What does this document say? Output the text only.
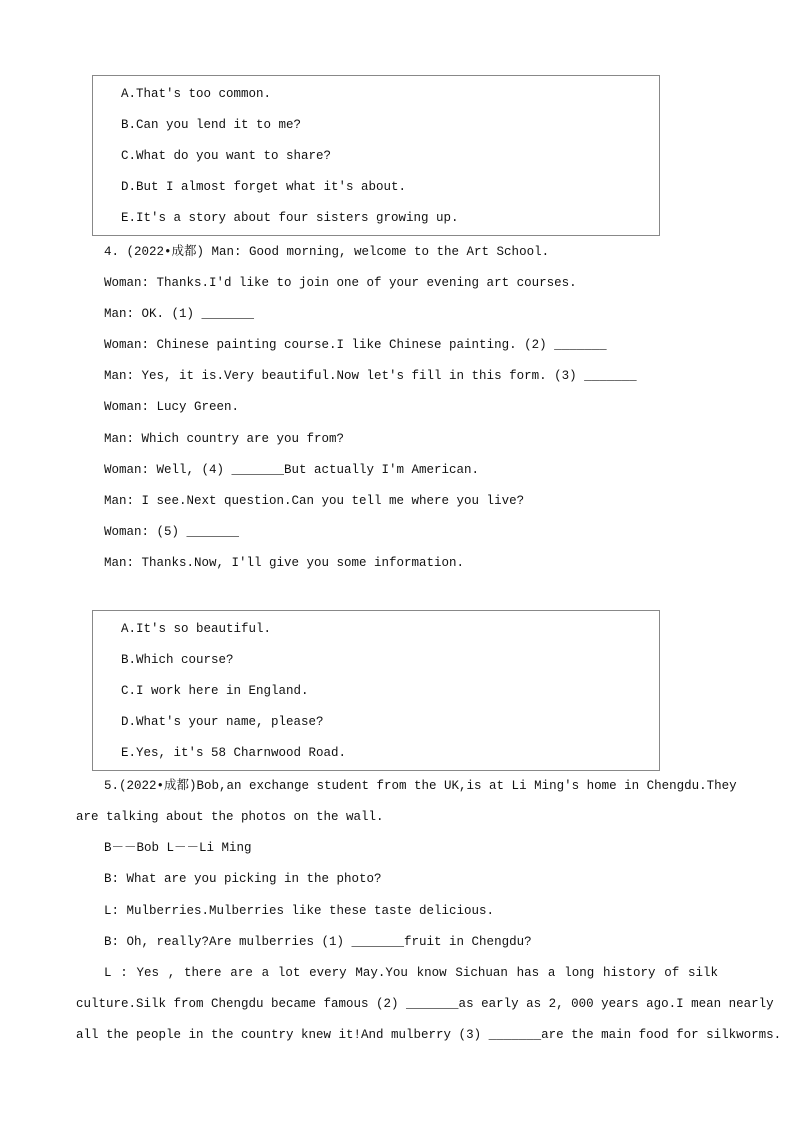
A.That's too common.
B.Can you lend it to me?
C.What do you want to share?
D.But I almost forget what it's about.
E.It's a story about four sisters growing up.
4. (2022•成都) Man: Good morning, welcome to the Art School.
Woman: Thanks.I'd like to join one of your evening art courses.
Man: OK. (1) _______
Woman: Chinese painting course.I like Chinese painting. (2) _______
Man: Yes, it is.Very beautiful.Now let's fill in this form. (3) _______
Woman: Lucy Green.
Man: Which country are you from?
Woman: Well, (4) _______But actually I'm American.
Man: I see.Next question.Can you tell me where you live?
Woman: (5) _______
Man: Thanks.Now, I'll give you some information.
A.It's so beautiful.
B.Which course?
C.I work here in England.
D.What's your name, please?
E.Yes, it's 58 Charnwood Road.
5.(2022•成都)Bob,an exchange student from the UK,is at Li Ming's home in Chengdu.They
are talking about the photos on the wall.
B－－Bob L－－Li Ming
B: What are you picking in the photo?
L: Mulberries.Mulberries like these taste delicious.
B: Oh, really?Are mulberries (1) _______fruit in Chengdu?
L : Yes , there are a lot every May.You know Sichuan has a long history of silk
culture.Silk from Chengdu became famous (2) _______as early as 2, 000 years ago.I mean nearly
all the people in the country knew it!And mulberry (3) _______are the main food for silkworms.
